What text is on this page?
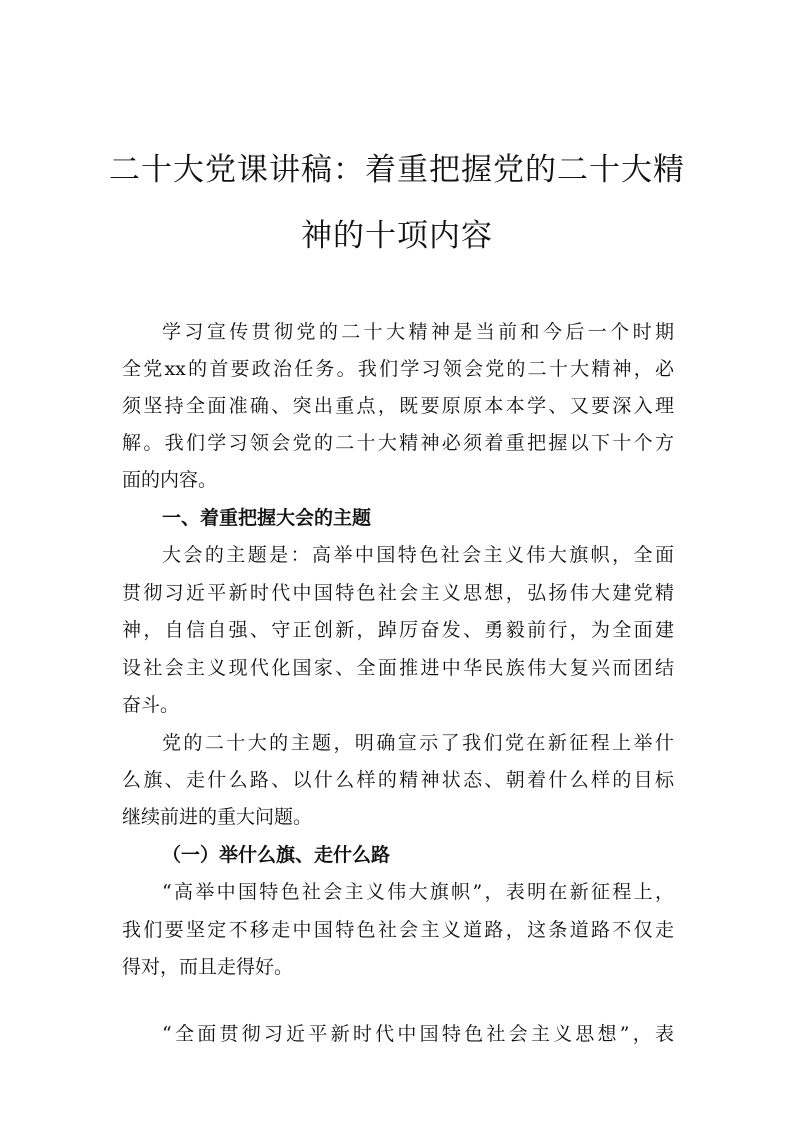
二十大党课讲稿：着重把握党的二十大精
神的十项内容
学习宣传贯彻党的二十大精神是当前和今后一个时期
全党xx的首要政治任务。我们学习领会党的二十大精神，必
须坚持全面准确、突出重点，既要原原本本学、又要深入理
解。我们学习领会党的二十大精神必须着重把握以下十个方
面的内容。
一、着重把握大会的主题
大会的主题是：高举中国特色社会主义伟大旗帜，全面
贯彻习近平新时代中国特色社会主义思想，弘扬伟大建党精
神，自信自强、守正创新，踔厉奋发、勇毅前行，为全面建
设社会主义现代化国家、全面推进中华民族伟大复兴而团结
奋斗。
党的二十大的主题，明确宣示了我们党在新征程上举什
么旗、走什么路、以什么样的精神状态、朝着什么样的目标
继续前进的重大问题。
（一）举什么旗、走什么路
“高举中国特色社会主义伟大旗帜”，表明在新征程上，
我们要坚定不移走中国特色社会主义道路，这条道路不仅走
得对，而且走得好。
“全面贯彻习近平新时代中国特色社会主义思想”，表
